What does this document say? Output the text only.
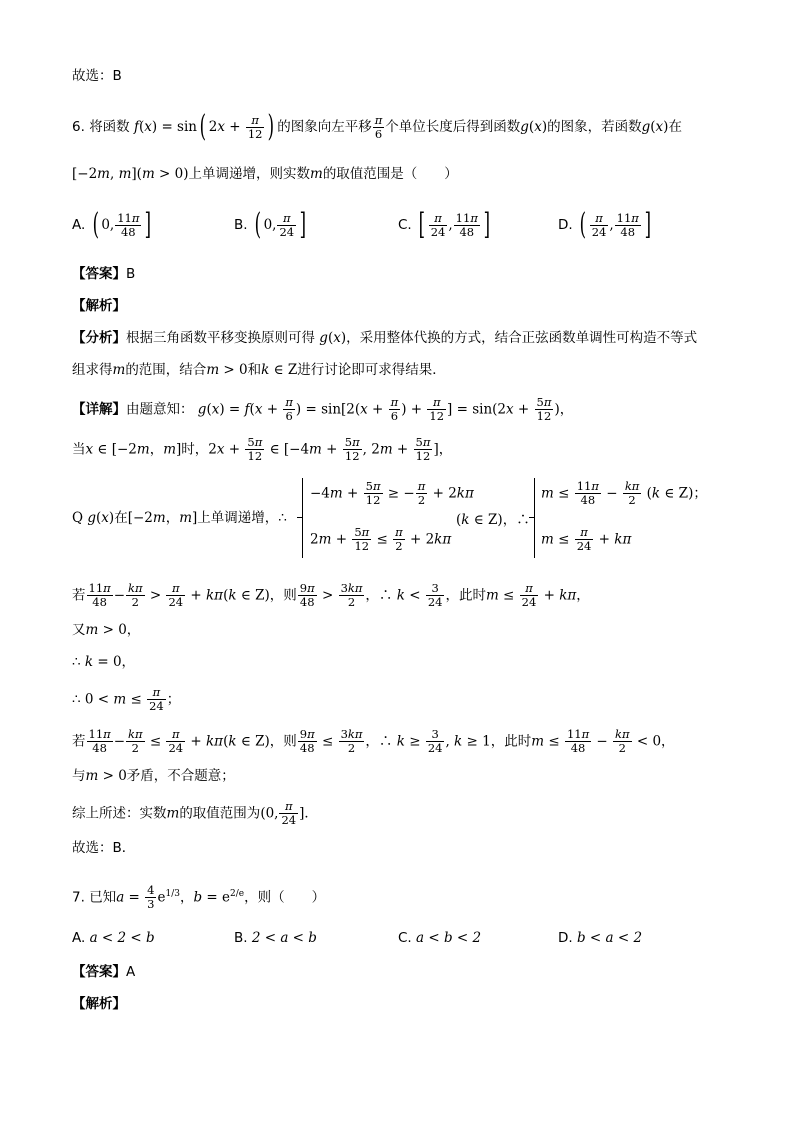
故选：B
6. 将函数 f(x) = sin( $2x + \frac{\pi}{12}$ ) 的图象向左平移 $\frac{\pi}{6}$ 个单位长度后得到函数g(x)的图象，若函数g(x)在
[−2m, m](m > 0)上单调递增，则实数m的取值范围是（　　）
A. ( 0, $\frac{11\pi}{48}$ ]	B. ( 0, $\frac{\pi}{24}$ ]	C. [ $\frac{\pi}{24}$ , $\frac{11\pi}{48}$ ]	D. ( $\frac{\pi}{24}$ , $\frac{11\pi}{48}$ ]
【答案】B
【解析】
【分析】根据三角函数平移变换原则可得 g(x)，采用整体代换的方式，结合正弦函数单调性可构造不等式
组求得m的范围，结合m > 0和k ∈ Z进行讨论即可求得结果．
【详解】由题意知： $g(x) = f(x + \frac{\pi}{6}$ ) = $\sin[2(x + \frac{\pi}{6}$ ) + $\frac{\pi}{12}$ ] = $\sin(2x + \frac{5\pi}{12}$ )，
当x ∈ [−2m，m]时，$2x + \frac{5\pi}{12}$ ∈ [$-4m + \frac{5\pi}{12}$ , $2m + \frac{5\pi}{12}$ ]，
Q g(x)在[−2m，m]上单调递增，∴
$-4m + \frac{5\pi}{12}$ ≥ − $\frac{\pi}{2} + 2k\pi$
$2m + \frac{5\pi}{12} \le \frac{\pi}{2} + 2k\pi$
(k ∈ Z)，∴
$m \le \frac{11\pi}{48} - \frac{k\pi}{2} (k$ ∈ Z)；
$m \le \frac{\pi}{24} + k\pi$
若 $\frac{11\pi}{48} - \frac{k\pi}{2} > \frac{\pi}{24} + k\pi(k$ ∈ Z)，则 $\frac{9\pi}{48} > \frac{3k\pi}{2}$ ，∴ $k < \frac{3}{24}$ ，此时$m \le \frac{\pi}{24} + k\pi$，
又m > 0，
∴ k = 0，
∴ $0 < m \le \frac{\pi}{24}$ ；
若 $\frac{11\pi}{48} - \frac{k\pi}{2} \le \frac{\pi}{24} + k\pi(k$ ∈ Z)，则 $\frac{9\pi}{48} \le \frac{3k\pi}{2}$ ，∴ $k \ge \frac{3}{24}$ , k ≥ 1，此时$m \le \frac{11\pi}{48} - \frac{k\pi}{2} < 0$，
与m > 0矛盾，不合题意；
综上所述：实数m的取值范围为(0, $\frac{\pi}{24}$ ]．
故选：B．
7. 已知$a = \frac{4}{3} e^{1/3}$，$b = e^{2/e}$，则（　　）
A. a < 2 < b	B. 2 < a < b	C. a < b < 2	D. b < a < 2
【答案】A
【解析】
